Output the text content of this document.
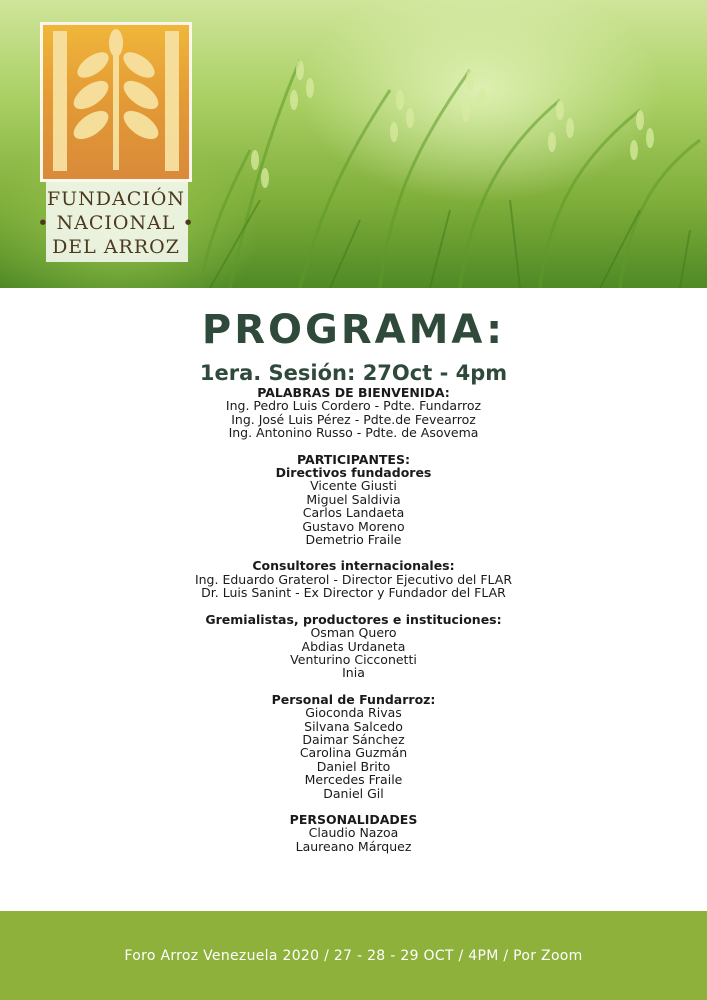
FUNDACIÓN
• NACIONAL •
DEL ARROZ
PROGRAMA:
1era. Sesión: 27Oct - 4pm
PALABRAS DE BIENVENIDA:
Ing. Pedro Luis Cordero - Pdte. Fundarroz
Ing. José Luis Pérez - Pdte.de Fevearroz
Ing. Antonino Russo - Pdte. de Asovema
PARTICIPANTES:
Directivos fundadores
Vicente Giusti
Miguel Saldivia
Carlos Landaeta
Gustavo Moreno
Demetrio Fraile
Consultores internacionales:
Ing. Eduardo Graterol - Director Ejecutivo del FLAR
Dr. Luis Sanint - Ex Director y Fundador del FLAR
Gremialistas, productores e instituciones:
Osman Quero
Abdias Urdaneta
Venturino Cicconetti
Inia
Personal de Fundarroz:
Gioconda Rivas
Silvana Salcedo
Daimar Sánchez
Carolina Guzmán
Daniel Brito
Mercedes Fraile
Daniel Gil
PERSONALIDADES
Claudio Nazoa
Laureano Márquez
Foro Arroz Venezuela 2020 / 27 - 28 - 29 OCT / 4PM / Por Zoom
